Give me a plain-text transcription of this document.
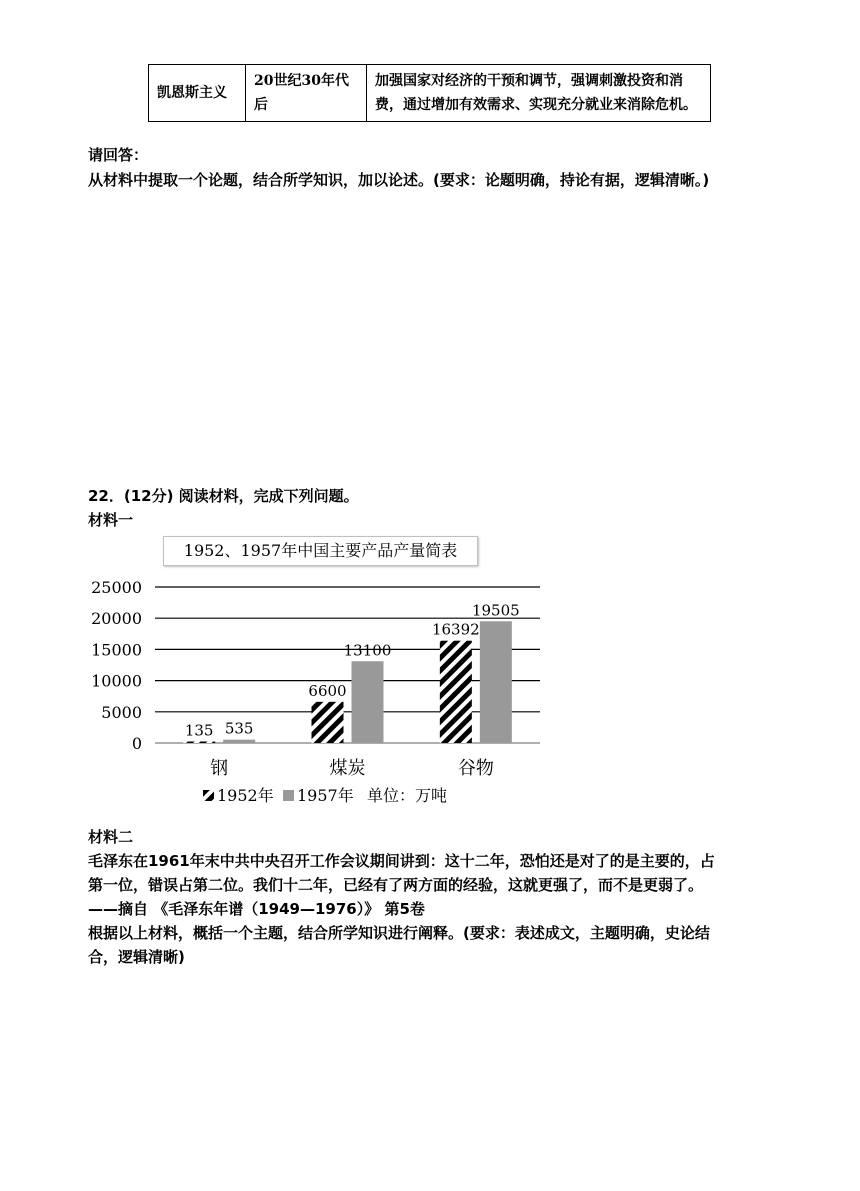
凯恩斯主义	20世纪30年代后	加强国家对经济的干预和调节，强调刺激投资和消费，通过增加有效需求、实现充分就业来消除危机。
请回答：
从材料中提取一个论题，结合所学知识，加以论述。(要求：论题明确，持论有据，逻辑清晰。)
22．(12分) 阅读材料，完成下列问题。
材料一
1952、1957年中国主要产品产量简表
0
5000
10000
15000
20000
25000
135 535
钢
6600
13100
煤炭
16392
19505
谷物
1952年 1957年 单位：万吨
材料二
毛泽东在1961年末中共中央召开工作会议期间讲到：这十二年，恐怕还是对了的是主要的，占
第一位，错误占第二位。我们十二年，已经有了两方面的经验，这就更强了，而不是更弱了。
——摘自 《毛泽东年谱（1949—1976）》 第5卷
根据以上材料，概括一个主题，结合所学知识进行阐释。(要求：表述成文，主题明确，史论结
合，逻辑清晰)
